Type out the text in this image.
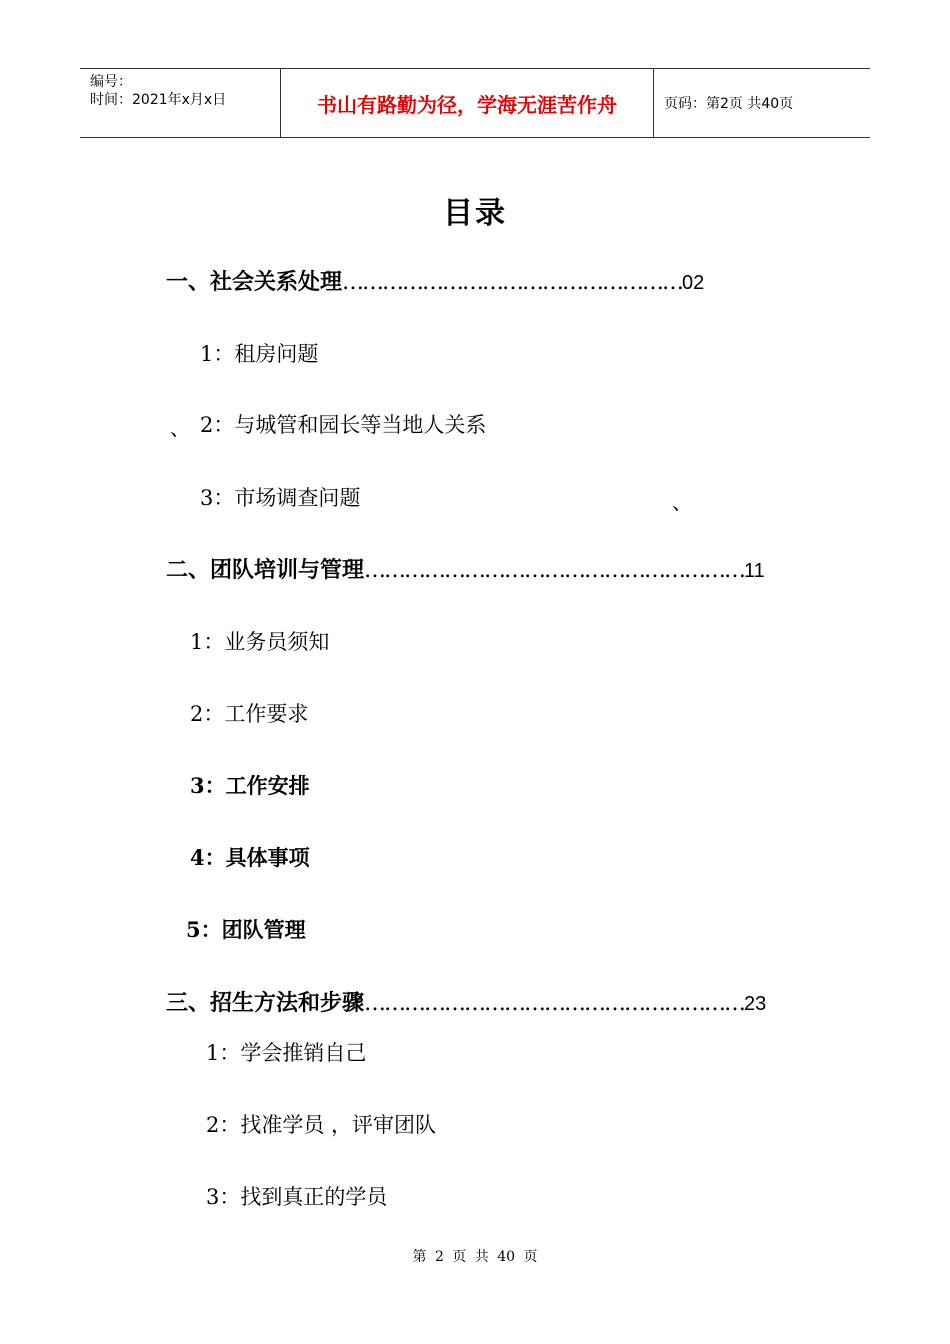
编号：
时间：2021年x月x日	书山有路勤为径，学海无涯苦作舟	页码：第2页 共40页
目录
一、社会关系处理……………………………………………02
1：租房问题
、 2：与城管和园长等当地人关系
3：市场调查问题	、
二、团队培训与管理…………………………………………………11
1：业务员须知
2：工作要求
3：工作安排
4：具体事项
5：团队管理
三、招生方法和步骤…………………………………………………23
1：学会推销自己
2：找准学员 ，评审团队
3：找到真正的学员
第 2 页 共 40 页
